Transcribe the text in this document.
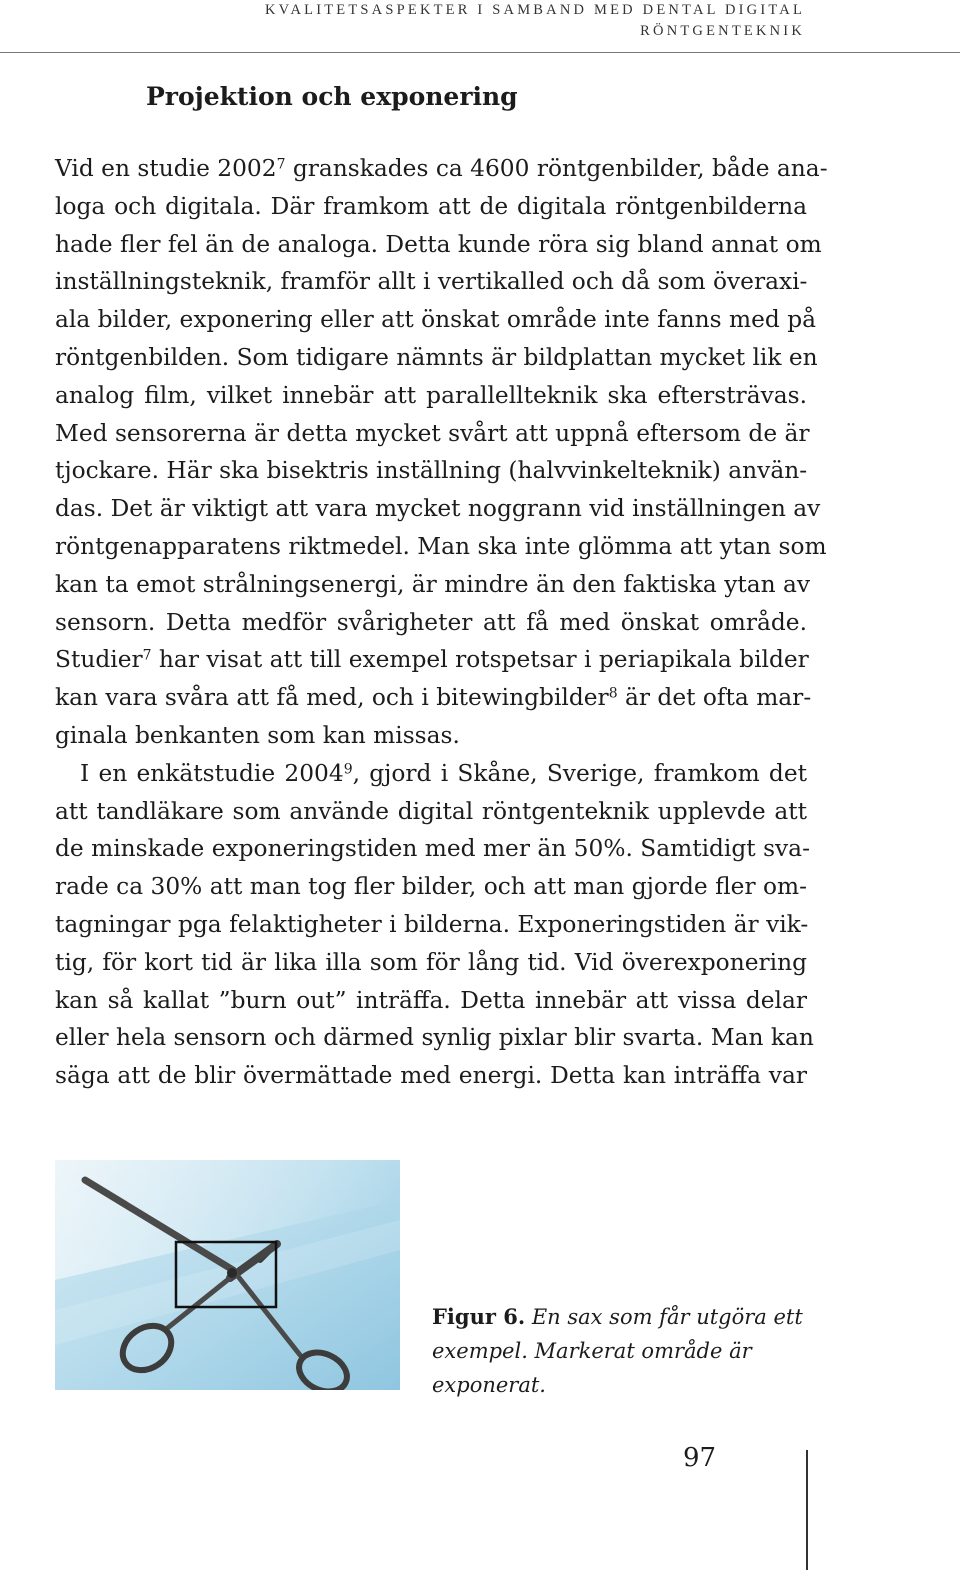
KVALITETSASPEKTER I SAMBAND MED DENTAL DIGITAL
RÖNTGENTEKNIK
Projektion och exponering

Vid en studie 2002$^7$ granskades ca 4600 röntgenbilder, både ana-
loga och digitala. Där framkom att de digitala röntgenbilderna
hade fler fel än de analoga. Detta kunde röra sig bland annat om
inställningsteknik, framför allt i vertikalled och då som överaxi-
ala bilder, exponering eller att önskat område inte fanns med på
röntgenbilden. Som tidigare nämnts är bildplattan mycket lik en
analog film, vilket innebär att parallellteknik ska eftersträvas.
Med sensorerna är detta mycket svårt att uppnå eftersom de är
tjockare. Här ska bisektris inställning (halvvinkelteknik) använ-
das. Det är viktigt att vara mycket noggrann vid inställningen av
röntgenapparatens riktmedel. Man ska inte glömma att ytan som
kan ta emot strålningsenergi, är mindre än den faktiska ytan av
sensorn. Detta medför svårigheter att få med önskat område.
Studier$^7$ har visat att till exempel rotspetsar i periapikala bilder
kan vara svåra att få med, och i bitewingbilder$^8$ är det ofta mar-
ginala benkanten som kan missas.

I en enkätstudie 2004$^9$, gjord i Skåne, Sverige, framkom det
att tandläkare som använde digital röntgenteknik upplevde att
de minskade exponeringstiden med mer än 50%. Samtidigt sva-
rade ca 30% att man tog fler bilder, och att man gjorde fler om-
tagningar pga felaktigheter i bilderna. Exponeringstiden är vik-
tig, för kort tid är lika illa som för lång tid. Vid överexponering
kan så kallat ”burn out” inträffa. Detta innebär att vissa delar
eller hela sensorn och därmed synlig pixlar blir svarta. Man kan
säga att de blir övermättade med energi. Detta kan inträffa var

Figur 6. En sax som får utgöra ett
exempel. Markerat område är
exponerat.
97
